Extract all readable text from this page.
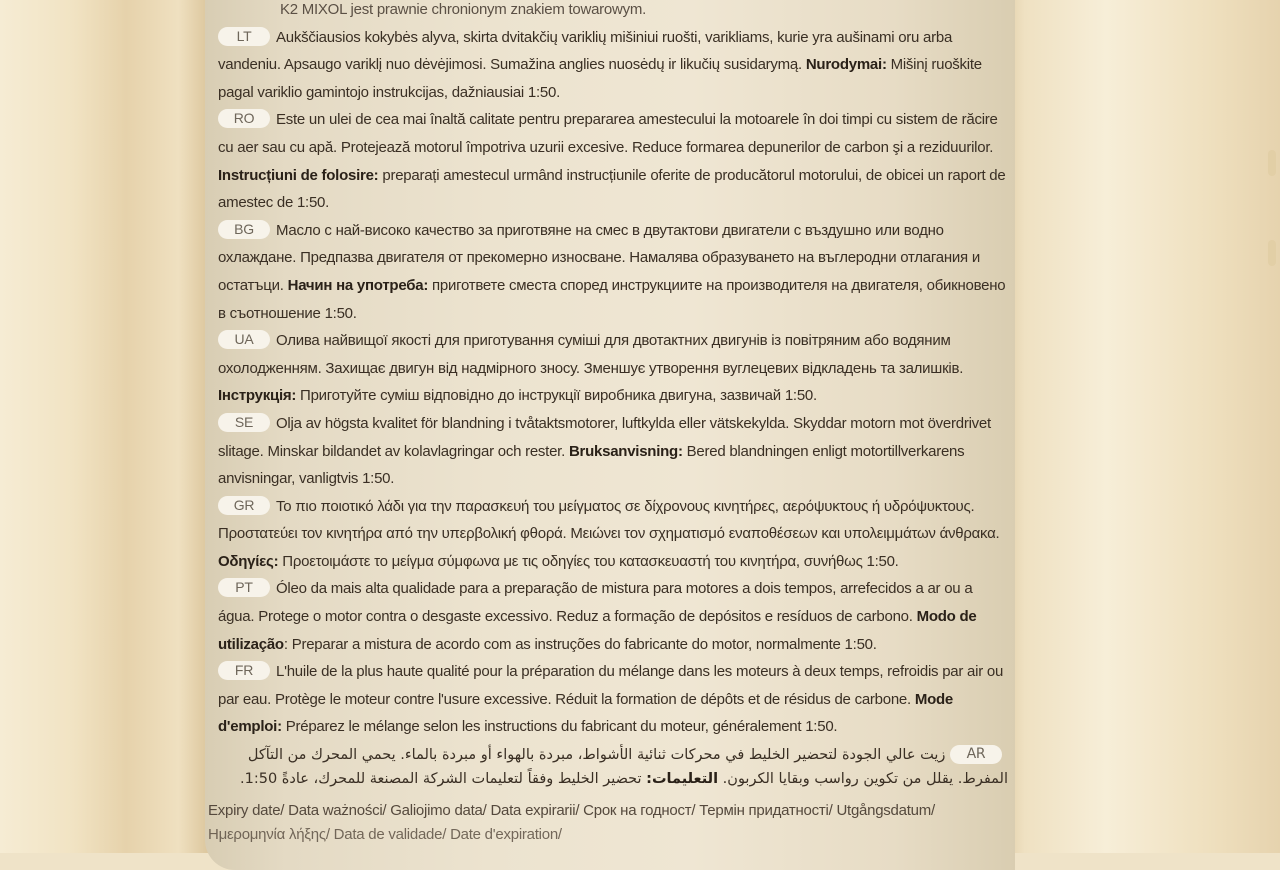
K2 MIXOL jest prawnie chronionym znakiem towarowym.

LT Aukščiausios kokybės alyva, skirta dvitakčių variklių mišiniui ruošti, varikliams, kurie yra aušinami oru arba vandeniu. Apsaugo variklį nuo dėvėjimosi. Sumažina anglies nuosėdų ir likučių susidarymą. Nurodymai: Mišinį ruoškite pagal variklio gamintojo instrukcijas, dažniausiai 1:50.

RO Este un ulei de cea mai înaltă calitate pentru prepararea amestecului la motoarele în doi timpi cu sistem de răcire cu aer sau cu apă. Protejează motorul împotriva uzurii excesive. Reduce formarea depunerilor de carbon şi a reziduurilor. Instrucțiuni de folosire: preparați amestecul urmând instrucțiunile oferite de producătorul motorului, de obicei un raport de amestec de 1:50.

BG Масло с най-високо качество за приготвяне на смес в двутактови двигатели с въздушно или водно охлаждане. Предпазва двигателя от прекомерно износване. Намалява образуването на въглеродни отлагания и остатъци. Начин на употреба: пригответе сместа според инструкциите на производителя на двигателя, обикновено в съотношение 1:50.

UA Олива найвищої якості для приготування суміші для двотактних двигунів із повітряним або водяним охолодженням. Захищає двигун від надмірного зносу. Зменшує утворення вуглецевих відкладень та залишків. Інструкція: Приготуйте суміш відповідно до інструкції виробника двигуна, зазвичай 1:50.

SE Olja av högsta kvalitet för blandning i tvåtaktsmotorer, luftkylda eller vätskekylda. Skyddar motorn mot överdrivet slitage. Minskar bildandet av kolavlagringar och rester. Bruksanvisning: Bered blandningen enligt motortillverkarens anvisningar, vanligtvis 1:50.

GR Το πιο ποιοτικό λάδι για την παρασκευή του μείγματος σε δίχρονους κινητήρες, αερόψυκτους ή υδρόψυκτους. Προστατεύει τον κινητήρα από την υπερβολική φθορά. Μειώνει τον σχηματισμό εναποθέσεων και υπολειμμάτων άνθρακα. Οδηγίες: Προετοιμάστε το μείγμα σύμφωνα με τις οδηγίες του κατασκευαστή του κινητήρα, συνήθως 1:50.

PT Óleo da mais alta qualidade para a preparação de mistura para motores a dois tempos, arrefecidos a ar ou a água. Protege o motor contra o desgaste excessivo. Reduz a formação de depósitos e resíduos de carbono. Modo de utilização: Preparar a mistura de acordo com as instruções do fabricante do motor, normalmente 1:50.

FR L'huile de la plus haute qualité pour la préparation du mélange dans les moteurs à deux temps, refroidis par air ou par eau. Protège le moteur contre l'usure excessive. Réduit la formation de dépôts et de résidus de carbone. Mode d'emploi: Préparez le mélange selon les instructions du fabricant du moteur, généralement 1:50.

AR زيت عالي الجودة لتحضير الخليط في محركات ثنائية الأشواط، مبردة بالهواء أو مبردة بالماء. يحمي المحرك من التآكل المفرط. يقلل من تكوين رواسب وبقايا الكربون. التعليمات: تحضير الخليط وفقاً لتعليمات الشركة المصنعة للمحرك، عادةً 1:50.

Expiry date/ Data ważności/ Galiojimo data/ Data expirarii/ Срок на годност/ Термін придатності/ Utgångsdatum/

Ημερομηνία λήξης/ Data de validade/ Date d'expiration/
